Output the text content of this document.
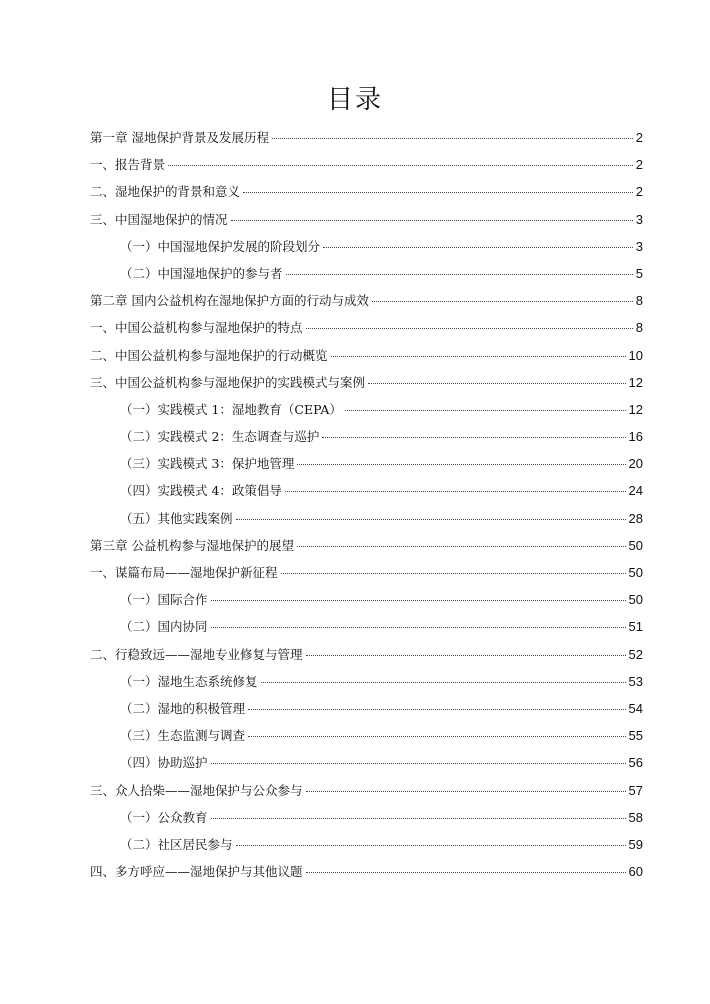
目录
第一章 湿地保护背景及发展历程	2
一、报告背景	2
二、湿地保护的背景和意义	2
三、中国湿地保护的情况	3
（一）中国湿地保护发展的阶段划分	3
（二）中国湿地保护的参与者	5
第二章 国内公益机构在湿地保护方面的行动与成效	8
一、中国公益机构参与湿地保护的特点	8
二、中国公益机构参与湿地保护的行动概览	10
三、中国公益机构参与湿地保护的实践模式与案例	12
（一）实践模式 1：湿地教育（CEPA）	12
（二）实践模式 2：生态调查与巡护	16
（三）实践模式 3：保护地管理	20
（四）实践模式 4：政策倡导	24
（五）其他实践案例	28
第三章 公益机构参与湿地保护的展望	50
一、谋篇布局——湿地保护新征程	50
（一）国际合作	50
（二）国内协同	51
二、行稳致远——湿地专业修复与管理	52
（一）湿地生态系统修复	53
（二）湿地的积极管理	54
（三）生态监测与调查	55
（四）协助巡护	56
三、众人拾柴——湿地保护与公众参与	57
（一）公众教育	58
（二）社区居民参与	59
四、多方呼应——湿地保护与其他议题	60
